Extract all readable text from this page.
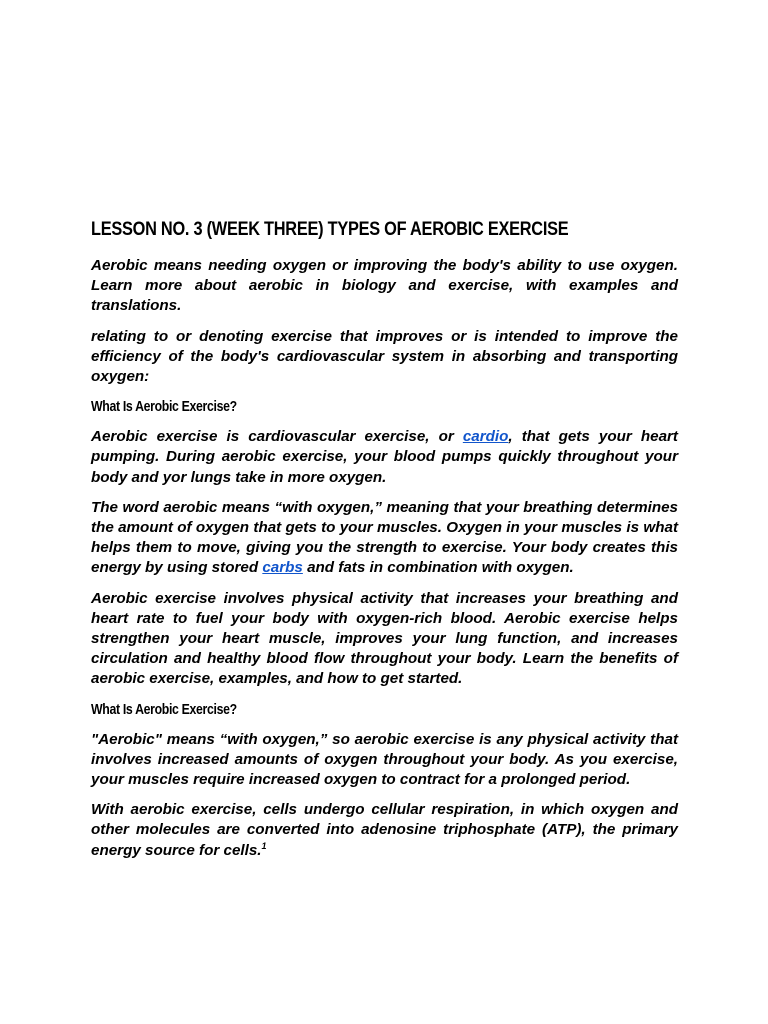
LESSON NO. 3 (WEEK THREE) TYPES OF AEROBIC EXERCISE

Aerobic means needing oxygen or improving the body's ability to use oxygen. Learn more about aerobic in biology and exercise, with examples and translations.

relating to or denoting exercise that improves or is intended to improve the efficiency of the body's cardiovascular system in absorbing and transporting oxygen:

What Is Aerobic Exercise?

Aerobic exercise is cardiovascular exercise, or cardio, that gets your heart pumping. During aerobic exercise, your blood pumps quickly throughout your body and yor lungs take in more oxygen.

The word aerobic means “with oxygen,” meaning that your breathing determines the amount of oxygen that gets to your muscles. Oxygen in your muscles is what helps them to move, giving you the strength to exercise. Your body creates this energy by using stored carbs and fats in combination with oxygen.

Aerobic exercise involves physical activity that increases your breathing and heart rate to fuel your body with oxygen-rich blood. Aerobic exercise helps strengthen your heart muscle, improves your lung function, and increases circulation and healthy blood flow throughout your body. Learn the benefits of aerobic exercise, examples, and how to get started.

What Is Aerobic Exercise?

"Aerobic" means “with oxygen,” so aerobic exercise is any physical activity that involves increased amounts of oxygen throughout your body. As you exercise, your muscles require increased oxygen to contract for a prolonged period.

With aerobic exercise, cells undergo cellular respiration, in which oxygen and other molecules are converted into adenosine triphosphate (ATP), the primary energy source for cells.$^1$
